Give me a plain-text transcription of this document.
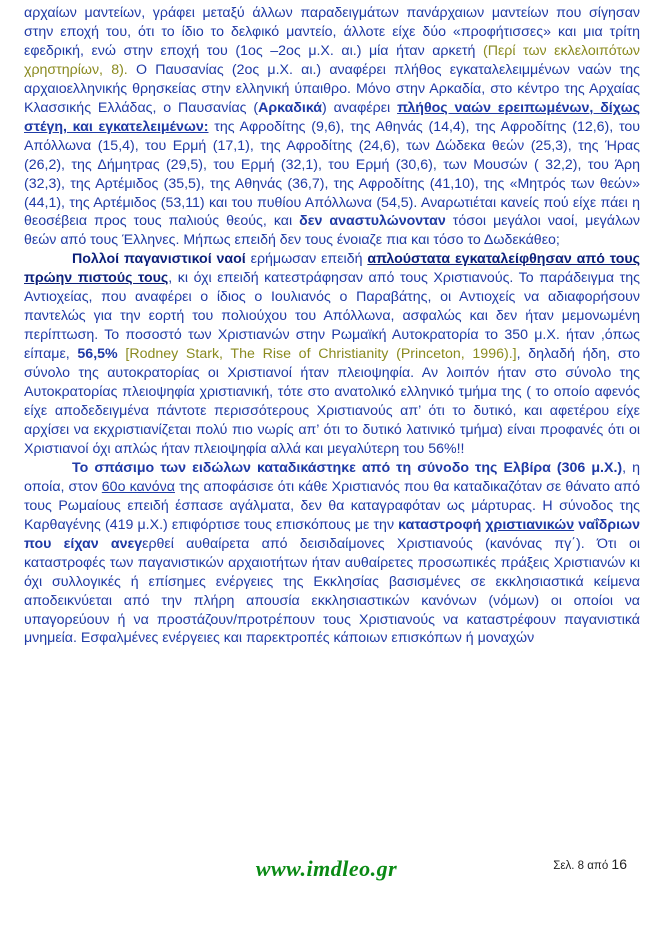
αρχαίων μαντείων, γράφει μεταξύ άλλων παραδειγμάτων πανάρχαιων μαντείων που σίγησαν στην εποχή του, ότι το ίδιο το δελφικό μαντείο, άλλοτε είχε δύο «προφήτισσες» και μια τρίτη εφεδρική, ενώ στην εποχή του (1ος –2ος μ.Χ. αι.) μία ήταν αρκετή (Περί των εκλελοιπότων χρηστηρίων, 8). Ο Παυσανίας (2ος μ.Χ. αι.) αναφέρει πλήθος εγκαταλελειμμένων ναών της αρχαιοελληνικής θρησκείας στην ελληνική ύπαιθρο. Μόνο στην Αρκαδία, στο κέντρο της Αρχαίας Κλασσικής Ελλάδας, ο Παυσανίας (Αρκαδικά) αναφέρει πλήθος ναών ερειπωμένων, δίχως στέγη, και εγκατελειμένων: της Αφροδίτης (9,6), της Αθηνάς (14,4), της Αφροδίτης (12,6), του Απόλλωνα (15,4), του Ερμή (17,1), της Αφροδίτης (24,6), των Δώδεκα θεών (25,3), της Ήρας (26,2), της Δήμητρας (29,5), του Ερμή (32,1), του Ερμή (30,6), των Μουσών ( 32,2), του Άρη (32,3), της Αρτέμιδος (35,5), της Αθηνάς (36,7), της Αφροδίτης (41,10), της «Μητρός των θεών» (44,1), της Αρτέμιδος (53,11) και του πυθίου Απόλλωνα (54,5). Αναρωτιέται κανείς πού είχε πάει η θεοσέβεια προς τους παλιούς θεούς, και δεν αναστυλώνονταν τόσοι μεγάλοι ναοί, μεγάλων θεών από τους Έλληνες. Μήπως επειδή δεν τους ένοιαζε πια και τόσο το Δωδεκάθεο;

Πολλοί παγανιστικοί ναοί ερήμωσαν επειδή απλούστατα εγκαταλείφθησαν από τους πρώην πιστούς τους, κι όχι επειδή κατεστράφησαν από τους Χριστιανούς. Το παράδειγμα της Αντιοχείας, που αναφέρει ο ίδιος ο Ιουλιανός ο Παραβάτης, οι Αντιοχείς να αδιαφορήσουν παντελώς για την εορτή του πολιούχου του Απόλλωνα, ασφαλώς και δεν ήταν μεμονωμένη περίπτωση. Το ποσοστό των Χριστιανών στην Ρωμαϊκή Αυτοκρατορία το 350 μ.Χ. ήταν ,όπως είπαμε, 56,5% [Rodney Stark, The Rise of Christianity (Princeton, 1996).], δηλαδή ήδη, στο σύνολο της αυτοκρατορίας οι Χριστιανοί ήταν πλειοψηφία. Αν λοιπόν ήταν στο σύνολο της Αυτοκρατορίας πλειοψηφία χριστιανική, τότε στο ανατολικό ελληνικό τμήμα της ( το οποίο αφενός είχε αποδεδειγμένα πάντοτε περισσότερους Χριστιανούς απ’ ότι το δυτικό, και αφετέρου είχε αρχίσει να εκχριστιανίζεται πολύ πιο νωρίς απ’ ότι το δυτικό λατινικό τμήμα) είναι προφανές ότι οι Χριστιανοί όχι απλώς ήταν πλειοψηφία αλλά και μεγαλύτερη του 56%!!

Το σπάσιμο των ειδώλων καταδικάστηκε από τη σύνοδο της Ελβίρα (306 μ.Χ.), η οποία, στον 60ο κανόνα της αποφάσισε ότι κάθε Χριστιανός που θα καταδικαζόταν σε θάνατο από τους Ρωμαίους επειδή έσπασε αγάλματα, δεν θα καταγραφόταν ως μάρτυρας. Η σύνοδος της Καρθαγένης (419 μ.Χ.) επιφόρτισε τους επισκόπους με την καταστροφή χριστιανικών ναΐδριων που είχαν ανεγερθεί αυθαίρετα από δεισιδαίμονες Χριστιανούς (κανόνας πγ΄). Ότι οι καταστροφές των παγανιστικών αρχαιοτήτων ήταν αυθαίρετες προσωπικές πράξεις Χριστιανών κι όχι συλλογικές ή επίσημες ενέργειες της Εκκλησίας βασισμένες σε εκκλησιαστικά κείμενα αποδεικνύεται από την πλήρη απουσία εκκλησιαστικών κανόνων (νόμων) οι οποίοι να υπαγορεύουν ή να προστάζουν/προτρέπουν τους Χριστιανούς να καταστρέφουν παγανιστικά μνημεία. Εσφαλμένες ενέργειες και παρεκτροπές κάποιων επισκόπων ή μοναχών

www.imdleo.gr	Σελ. 8 από 16
